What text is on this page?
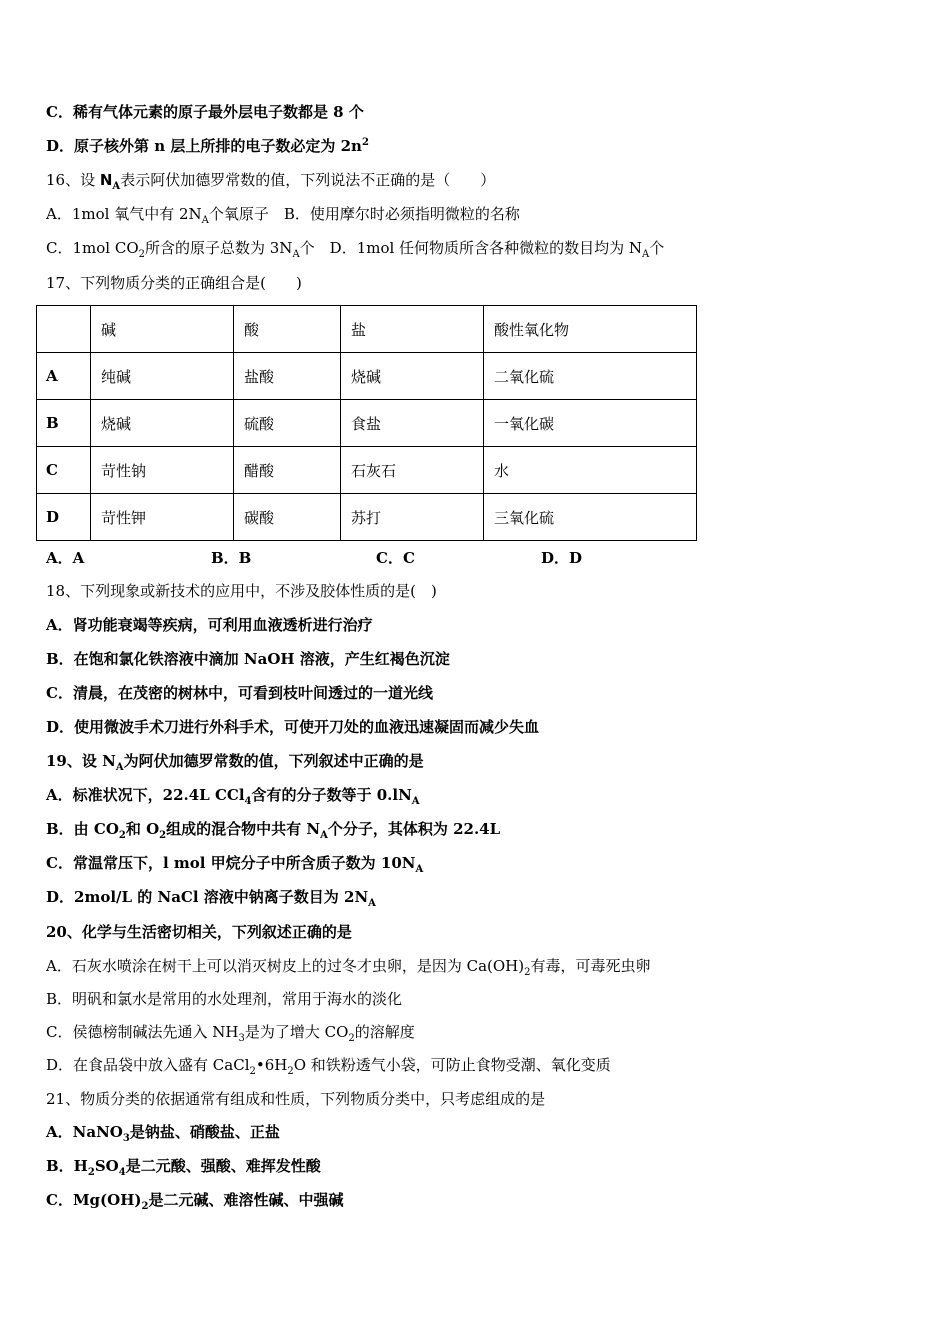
C．稀有气体元素的原子最外层电子数都是 8 个
D．原子核外第 n 层上所排的电子数必定为 $2n^2$
16、设 $N_A$表示阿伏加德罗常数的值，下列说法不正确的是（　　）
A．1mol 氧气中有 $2N_A$个氧原子　B．使用摩尔时必须指明微粒的名称
C．1mol $CO_2$所含的原子总数为 $3N_A$个　D．1mol 任何物质所含各种微粒的数目均为 $N_A$个
17、下列物质分类的正确组合是(　　)
	碱	酸	盐	酸性氧化物
A	纯碱	盐酸	烧碱	二氧化硫
B	烧碱	硫酸	食盐	一氧化碳
C	苛性钠	醋酸	石灰石	水
D	苛性钾	碳酸	苏打	三氧化硫
A．A	B．B	C．C	D．D
18、下列现象或新技术的应用中，不涉及胶体性质的是(　)
A．肾功能衰竭等疾病，可利用血液透析进行治疗
B．在饱和氯化铁溶液中滴加 NaOH 溶液，产生红褐色沉淀
C．清晨，在茂密的树林中，可看到枝叶间透过的一道光线
D．使用微波手术刀进行外科手术，可使开刀处的血液迅速凝固而减少失血
19、设 $N_A$为阿伏加德罗常数的值，下列叙述中正确的是
A．标准状况下，22.4L CCl$_4$含有的分子数等于 $0.lN_A$
B．由 $CO_2$和 $O_2$组成的混合物中共有 $N_A$个分子，其体积为 22.4L
C．常温常压下，l mol 甲烷分子中所含质子数为 $10N_A$
D．2mol/L 的 NaCl 溶液中钠离子数目为 $2N_A$
20、化学与生活密切相关，下列叙述正确的是
A．石灰水喷涂在树干上可以消灭树皮上的过冬才虫卵，是因为 $Ca(OH)_2$有毒，可毒死虫卵
B．明矾和氯水是常用的水处理剂，常用于海水的淡化
C．侯德榜制碱法先通入 $NH_3$是为了增大 $CO_2$的溶解度
D．在食品袋中放入盛有 $CaCl_2•6H_2O$ 和铁粉透气小袋，可防止食物受潮、氧化变质
21、物质分类的依据通常有组成和性质，下列物质分类中，只考虑组成的是
A．NaNO$_3$是钠盐、硝酸盐、正盐
B．$H_2SO_4$是二元酸、强酸、难挥发性酸
C．$Mg(OH)_2$是二元碱、难溶性碱、中强碱
